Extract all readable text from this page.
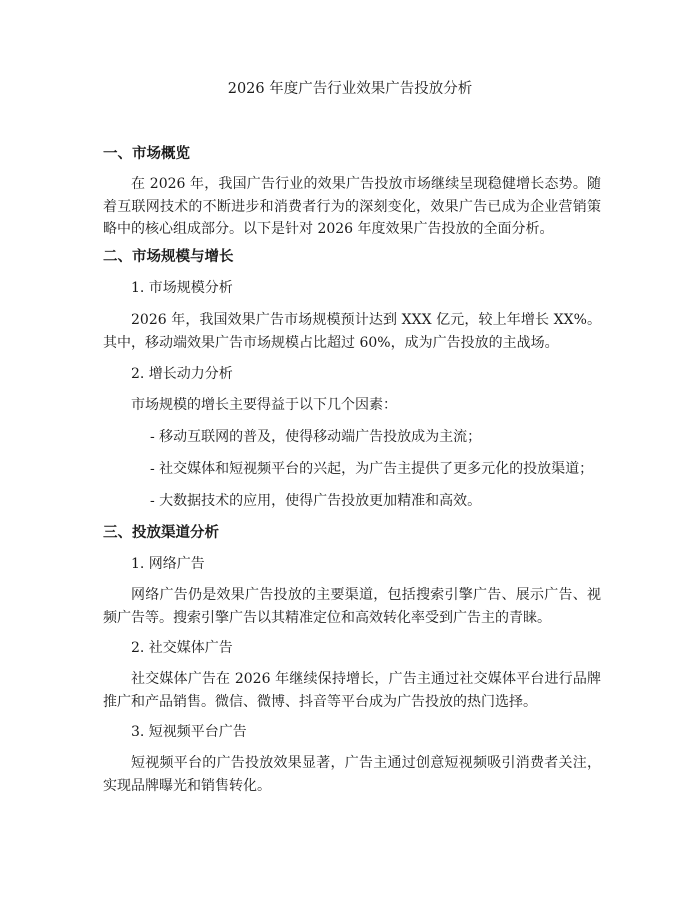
2026 年度广告行业效果广告投放分析
一、市场概览
在 2026 年，我国广告行业的效果广告投放市场继续呈现稳健增长态势。随着互联网技术的不断进步和消费者行为的深刻变化，效果广告已成为企业营销策略中的核心组成部分。以下是针对 2026 年度效果广告投放的全面分析。
二、市场规模与增长
1. 市场规模分析
2026 年，我国效果广告市场规模预计达到 XXX 亿元，较上年增长 XX%。其中，移动端效果广告市场规模占比超过 60%，成为广告投放的主战场。
2. 增长动力分析
市场规模的增长主要得益于以下几个因素：
- 移动互联网的普及，使得移动端广告投放成为主流；
- 社交媒体和短视频平台的兴起，为广告主提供了更多元化的投放渠道；
- 大数据技术的应用，使得广告投放更加精准和高效。
三、投放渠道分析
1. 网络广告
网络广告仍是效果广告投放的主要渠道，包括搜索引擎广告、展示广告、视频广告等。搜索引擎广告以其精准定位和高效转化率受到广告主的青睐。
2. 社交媒体广告
社交媒体广告在 2026 年继续保持增长，广告主通过社交媒体平台进行品牌推广和产品销售。微信、微博、抖音等平台成为广告投放的热门选择。
3. 短视频平台广告
短视频平台的广告投放效果显著，广告主通过创意短视频吸引消费者关注，实现品牌曝光和销售转化。
